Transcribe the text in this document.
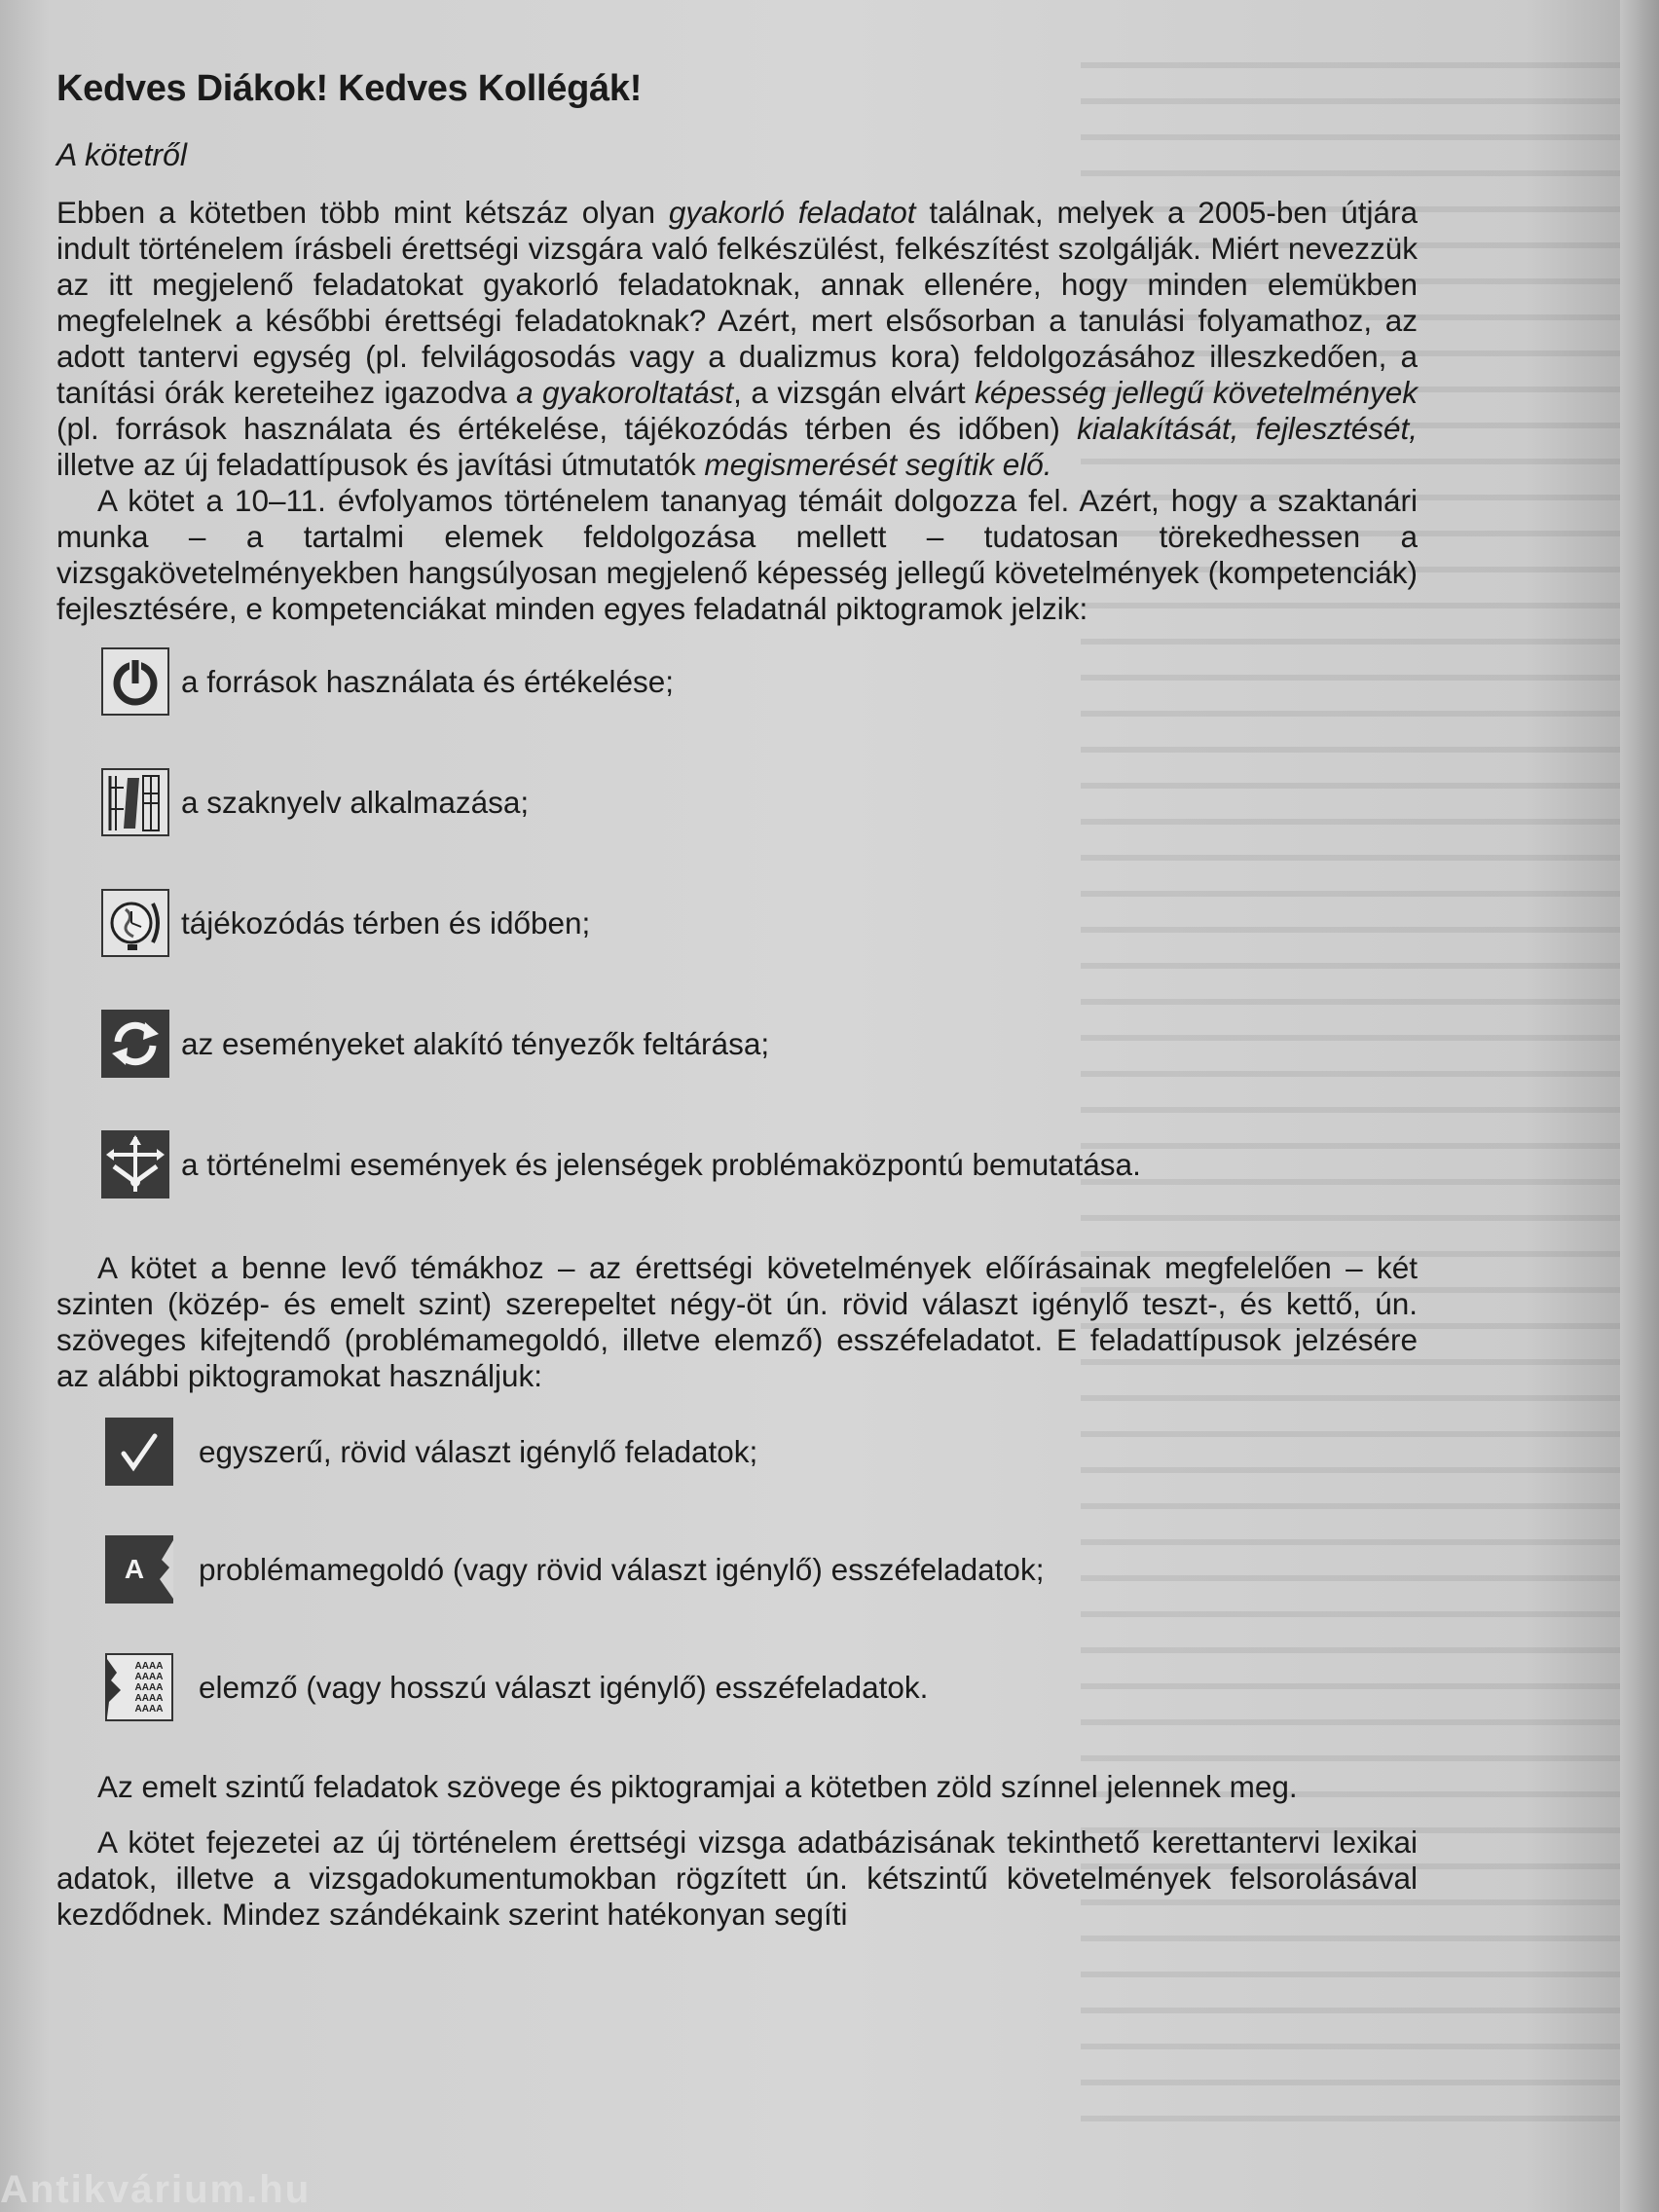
Kedves Diákok! Kedves Kollégák!
A kötetről

Ebben a kötetben több mint kétszáz olyan gyakorló feladatot találnak, melyek a 2005-ben útjára indult történelem írásbeli érettségi vizsgára való felkészülést, felkészítést szolgálják. Miért nevezzük az itt megjelenő feladatokat gyakorló feladatoknak, annak ellenére, hogy minden elemükben megfelelnek a későbbi érettségi feladatoknak? Azért, mert elsősorban a tanulási folyamathoz, az adott tantervi egység (pl. felvilágosodás vagy a dualizmus kora) feldolgozásához illeszkedően, a tanítási órák kereteihez igazodva a gyakoroltatást, a vizsgán elvárt képesség jellegű követelmények (pl. források használata és értékelése, tájékozódás térben és időben) kialakítását, fejlesztését, illetve az új feladattípusok és javítási útmutatók megismerését segítik elő.

A kötet a 10–11. évfolyamos történelem tananyag témáit dolgozza fel. Azért, hogy a szaktanári munka – a tartalmi elemek feldolgozása mellett – tudatosan törekedhessen a vizsgakövetelményekben hangsúlyosan megjelenő képesség jellegű követelmények (kompetenciák) fejlesztésére, e kompetenciákat minden egyes feladatnál piktogramok jelzik:

a források használata és értékelése;
a szaknyelv alkalmazása;
tájékozódás térben és időben;
az eseményeket alakító tényezők feltárása;
a történelmi események és jelenségek problémaközpontú bemutatása.

A kötet a benne levő témákhoz – az érettségi követelmények előírásainak megfelelően – két szinten (közép- és emelt szint) szerepeltet négy-öt ún. rövid választ igénylő teszt-, és kettő, ún. szöveges kifejtendő (problémamegoldó, illetve elemző) esszéfeladatot. E feladattípusok jelzésére az alábbi piktogramokat használjuk:

egyszerű, rövid választ igénylő feladatok;
A problémamegoldó (vagy rövid választ igénylő) esszéfeladatok;
AAAA
AAAA
AAAA
AAAA
AAAA
elemző (vagy hosszú választ igénylő) esszéfeladatok.

Az emelt szintű feladatok szövege és piktogramjai a kötetben zöld színnel jelennek meg.

A kötet fejezetei az új történelem érettségi vizsga adatbázisának tekinthető kerettantervi lexikai adatok, illetve a vizsgadokumentumokban rögzített ún. kétszintű követelmények felsorolásával kezdődnek. Mindez szándékaink szerint hatékonyan segíti

Antikvárium.hu
